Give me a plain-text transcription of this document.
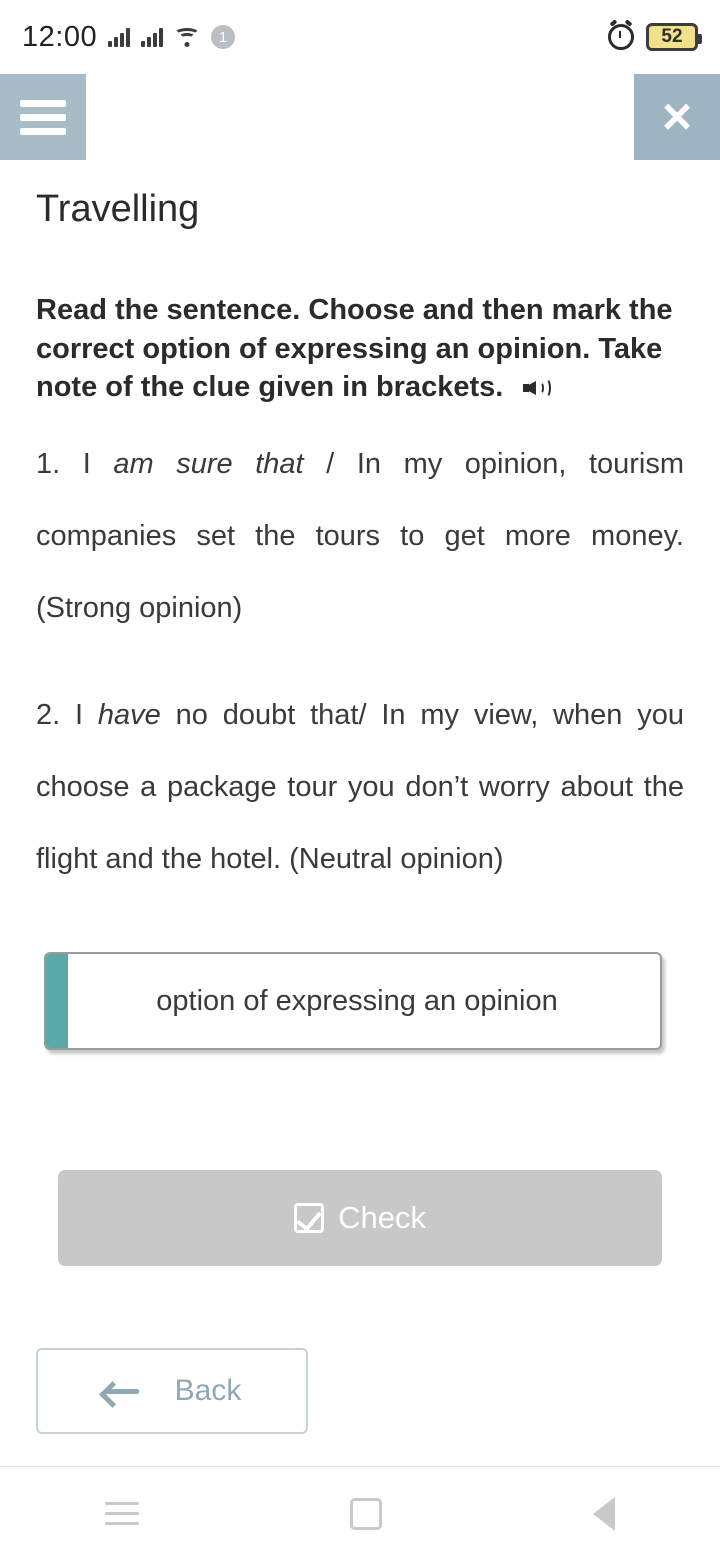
12:00	1	52
×
Travelling
Read the sentence. Choose and then mark the correct option of expressing an opinion. Take note of the clue given in brackets.
1. I am sure that / In my opinion, tourism companies set the tours to get more money. (Strong opinion)
2. I have no doubt that/ In my view, when you choose a package tour you don’t worry about the flight and the hotel. (Neutral opinion)
option of expressing an opinion
Check
Back
